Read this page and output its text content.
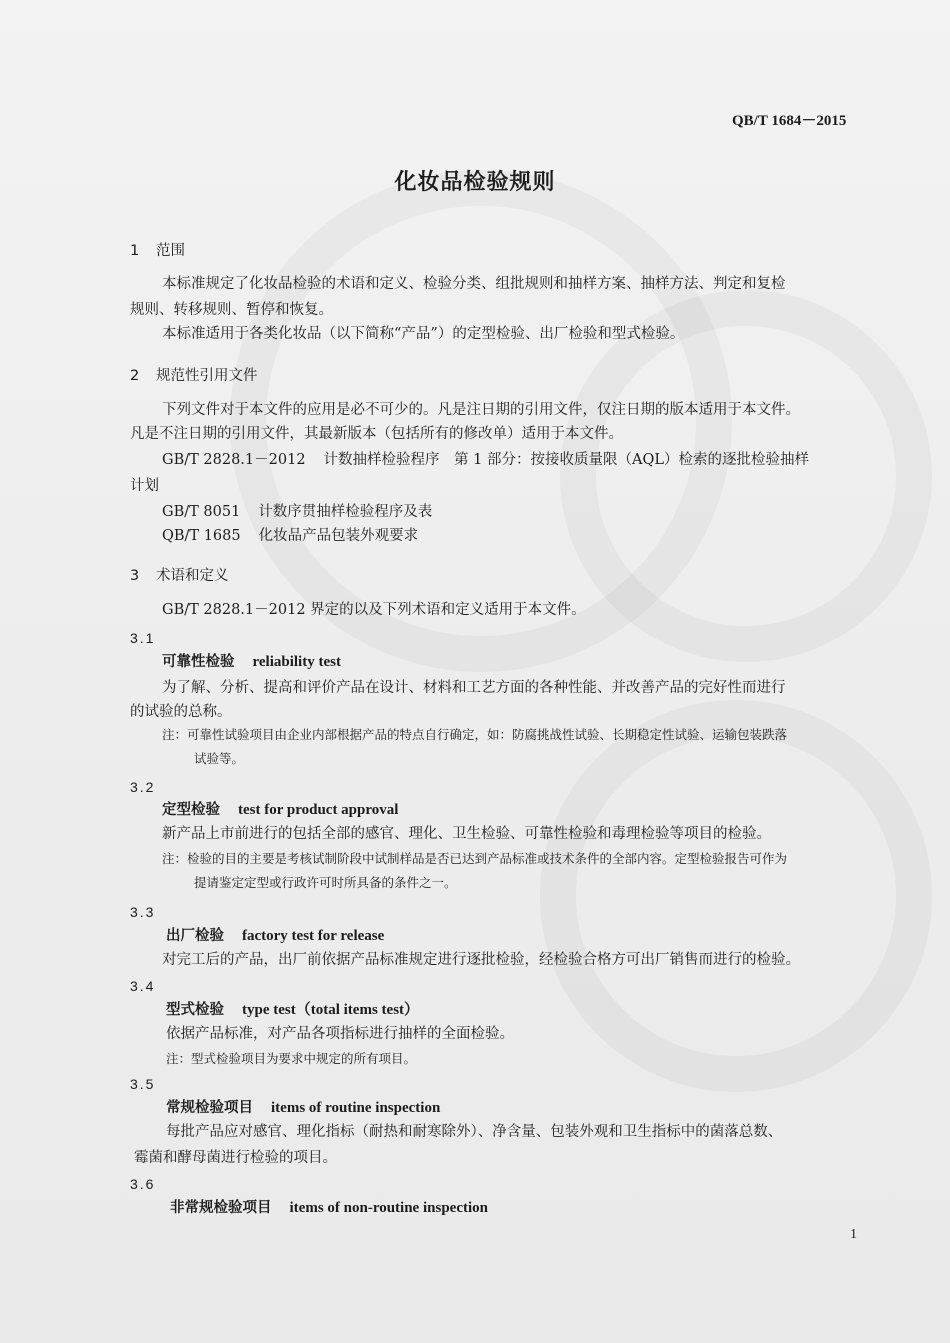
QB/T 1684－2015
化妆品检验规则
1 范围
本标准规定了化妆品检验的术语和定义、检验分类、组批规则和抽样方案、抽样方法、判定和复检
规则、转移规则、暂停和恢复。
本标准适用于各类化妆品（以下简称“产品”）的定型检验、出厂检验和型式检验。
2 规范性引用文件
下列文件对于本文件的应用是必不可少的。凡是注日期的引用文件，仅注日期的版本适用于本文件。
凡是不注日期的引用文件，其最新版本（包括所有的修改单）适用于本文件。
GB/T 2828.1－2012 计数抽样检验程序　第 1 部分：按接收质量限（AQL）检索的逐批检验抽样
计划
GB/T 8051 计数序贯抽样检验程序及表
QB/T 1685 化妆品产品包装外观要求
3 术语和定义
GB/T 2828.1－2012 界定的以及下列术语和定义适用于本文件。
3.1
可靠性检验 reliability test
为了解、分析、提高和评价产品在设计、材料和工艺方面的各种性能、并改善产品的完好性而进行
的试验的总称。
注：可靠性试验项目由企业内部根据产品的特点自行确定，如：防腐挑战性试验、长期稳定性试验、运输包装跌落
试验等。
3.2
定型检验 test for product approval
新产品上市前进行的包括全部的感官、理化、卫生检验、可靠性检验和毒理检验等项目的检验。
注：检验的目的主要是考核试制阶段中试制样品是否已达到产品标准或技术条件的全部内容。定型检验报告可作为
提请鉴定定型或行政许可时所具备的条件之一。
3.3
出厂检验 factory test for release
对完工后的产品，出厂前依据产品标准规定进行逐批检验，经检验合格方可出厂销售而进行的检验。
3.4
型式检验 type test（total items test）
依据产品标准，对产品各项指标进行抽样的全面检验。
注：型式检验项目为要求中规定的所有项目。
3.5
常规检验项目 items of routine inspection
每批产品应对感官、理化指标（耐热和耐寒除外）、净含量、包装外观和卫生指标中的菌落总数、
霉菌和酵母菌进行检验的项目。
3.6
非常规检验项目 items of non-routine inspection
1
